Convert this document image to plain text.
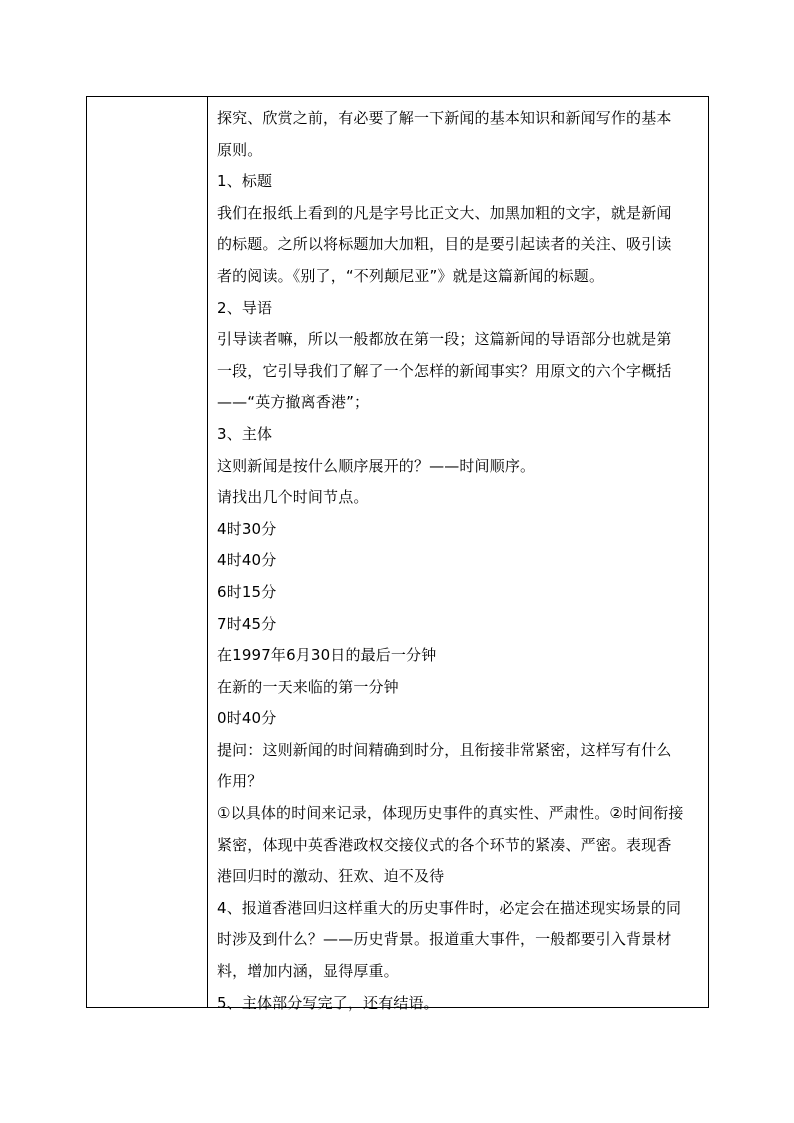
探究、欣赏之前，有必要了解一下新闻的基本知识和新闻写作的基本
原则。
1、标题
我们在报纸上看到的凡是字号比正文大、加黑加粗的文字，就是新闻
的标题。之所以将标题加大加粗，目的是要引起读者的关注、吸引读
者的阅读。《别了，“不列颠尼亚”》就是这篇新闻的标题。
2、导语
引导读者嘛，所以一般都放在第一段；这篇新闻的导语部分也就是第
一段，它引导我们了解了一个怎样的新闻事实？用原文的六个字概括
——“英方撤离香港”；
3、主体
这则新闻是按什么顺序展开的？——时间顺序。
请找出几个时间节点。
4时30分
4时40分
6时15分
7时45分
在1997年6月30日的最后一分钟
在新的一天来临的第一分钟
0时40分
提问：这则新闻的时间精确到时分，且衔接非常紧密，这样写有什么
作用？
①以具体的时间来记录，体现历史事件的真实性、严肃性。②时间衔接
紧密，体现中英香港政权交接仪式的各个环节的紧凑、严密。表现香
港回归时的激动、狂欢、迫不及待
4、报道香港回归这样重大的历史事件时，必定会在描述现实场景的同
时涉及到什么？——历史背景。报道重大事件，一般都要引入背景材
料，增加内涵，显得厚重。
5、主体部分写完了，还有结语。
